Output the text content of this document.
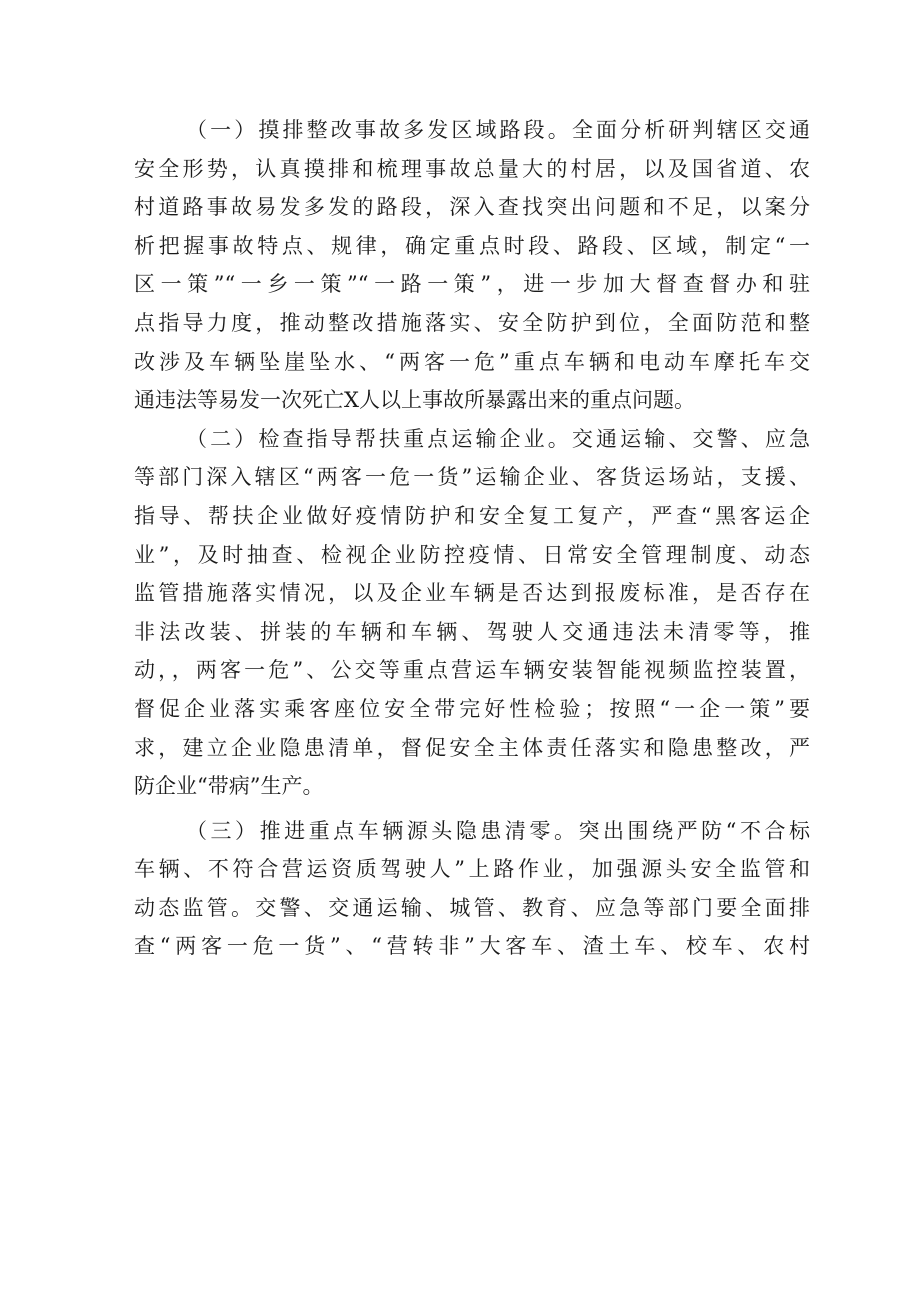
（一）摸排整改事故多发区域路段。全面分析研判辖区交通
安全形势，认真摸排和梳理事故总量大的村居，以及国省道、农
村道路事故易发多发的路段，深入查找突出问题和不足，以案分
析把握事故特点、规律，确定重点时段、路段、区域，制定“一
区一策”“一乡一策”“一路一策”，进一步加大督查督办和驻
点指导力度，推动整改措施落实、安全防护到位，全面防范和整
改涉及车辆坠崖坠水、“两客一危”重点车辆和电动车摩托车交
通违法等易发一次死亡X人以上事故所暴露出来的重点问题。
（二）检查指导帮扶重点运输企业。交通运输、交警、应急
等部门深入辖区“两客一危一货”运输企业、客货运场站，支援、
指导、帮扶企业做好疫情防护和安全复工复产，严查“黑客运企
业”，及时抽查、检视企业防控疫情、日常安全管理制度、动态
监管措施落实情况，以及企业车辆是否达到报废标准，是否存在
非法改装、拼装的车辆和车辆、驾驶人交通违法未清零等，推
动，，两客一危”、公交等重点营运车辆安装智能视频监控装置，
督促企业落实乘客座位安全带完好性检验；按照“一企一策”要
求，建立企业隐患清单，督促安全主体责任落实和隐患整改，严
防企业“带病”生产。
（三）推进重点车辆源头隐患清零。突出围绕严防“不合标
车辆、不符合营运资质驾驶人”上路作业，加强源头安全监管和
动态监管。交警、交通运输、城管、教育、应急等部门要全面排
查“两客一危一货”、“营转非”大客车、渣土车、校车、农村
